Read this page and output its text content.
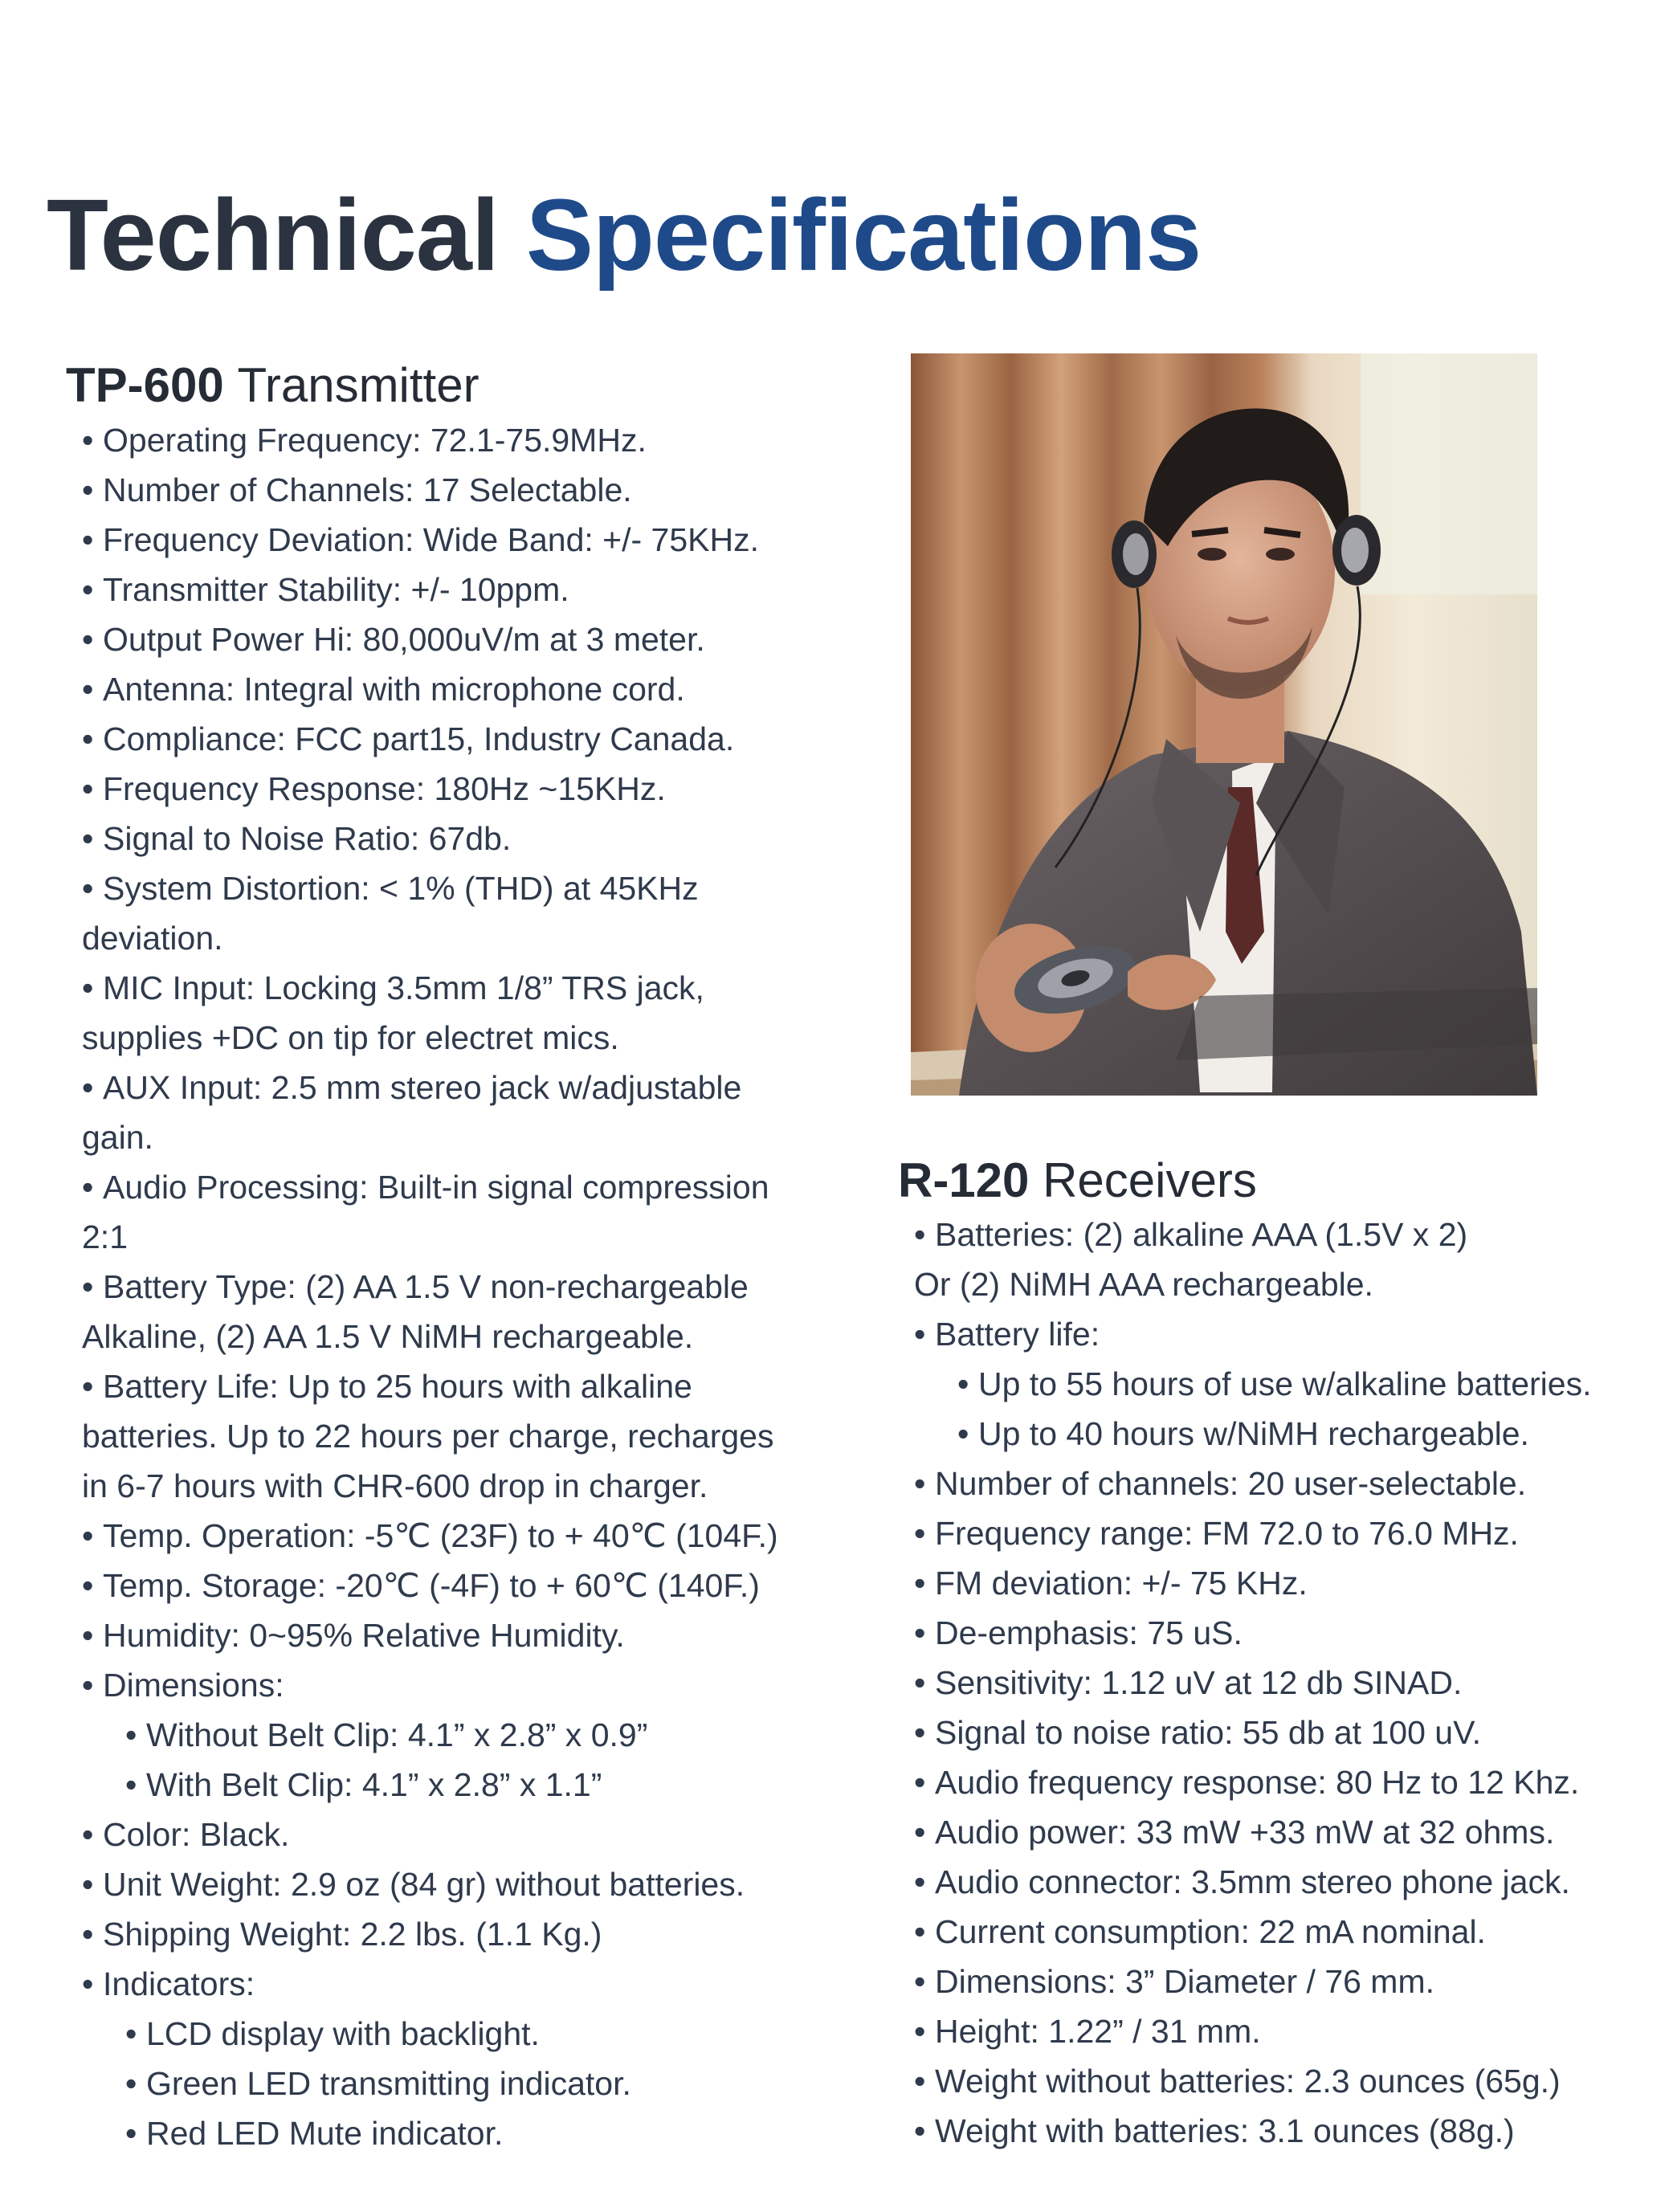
Technical Specifications
TP-600 Transmitter
• Operating Frequency: 72.1-75.9MHz.
• Number of Channels: 17 Selectable.
• Frequency Deviation: Wide Band: +/- 75KHz.
• Transmitter Stability: +/- 10ppm.
• Output Power Hi: 80,000uV/m at 3 meter.
• Antenna: Integral with microphone cord.
• Compliance: FCC part15, Industry Canada.
• Frequency Response: 180Hz ~15KHz.
• Signal to Noise Ratio: 67db.
• System Distortion: < 1% (THD) at 45KHz deviation.
• MIC Input: Locking 3.5mm 1/8” TRS jack, supplies +DC on tip for electret mics.
• AUX Input: 2.5 mm stereo jack w/adjustable gain.
• Audio Processing: Built-in signal compression 2:1
• Battery Type: (2) AA 1.5 V non-rechargeable Alkaline, (2) AA 1.5 V NiMH rechargeable.
• Battery Life: Up to 25 hours with alkaline batteries. Up to 22 hours per charge, recharges in 6-7 hours with CHR-600 drop in charger.
• Temp. Operation: -5℃ (23F) to + 40℃ (104F.)
• Temp. Storage: -20℃ (-4F) to + 60℃ (140F.)
• Humidity: 0~95% Relative Humidity.
• Dimensions:
• Without Belt Clip: 4.1” x 2.8” x 0.9”
• With Belt Clip: 4.1” x 2.8” x 1.1”
• Color: Black.
• Unit Weight: 2.9 oz (84 gr) without batteries.
• Shipping Weight: 2.2 lbs. (1.1 Kg.)
• Indicators:
• LCD display with backlight.
• Green LED transmitting indicator.
• Red LED Mute indicator.
R-120 Receivers
• Batteries: (2) alkaline AAA (1.5V x 2)
Or (2) NiMH AAA rechargeable.
• Battery life:
• Up to 55 hours of use w/alkaline batteries.
• Up to 40 hours w/NiMH rechargeable.
• Number of channels: 20 user-selectable.
• Frequency range: FM 72.0 to 76.0 MHz.
• FM deviation: +/- 75 KHz.
• De-emphasis: 75 uS.
• Sensitivity: 1.12 uV at 12 db SINAD.
• Signal to noise ratio: 55 db at 100 uV.
• Audio frequency response: 80 Hz to 12 Khz.
• Audio power: 33 mW +33 mW at 32 ohms.
• Audio connector: 3.5mm stereo phone jack.
• Current consumption: 22 mA nominal.
• Dimensions: 3” Diameter / 76 mm.
• Height: 1.22” / 31 mm.
• Weight without batteries: 2.3 ounces (65g.)
• Weight with batteries: 3.1 ounces (88g.)
